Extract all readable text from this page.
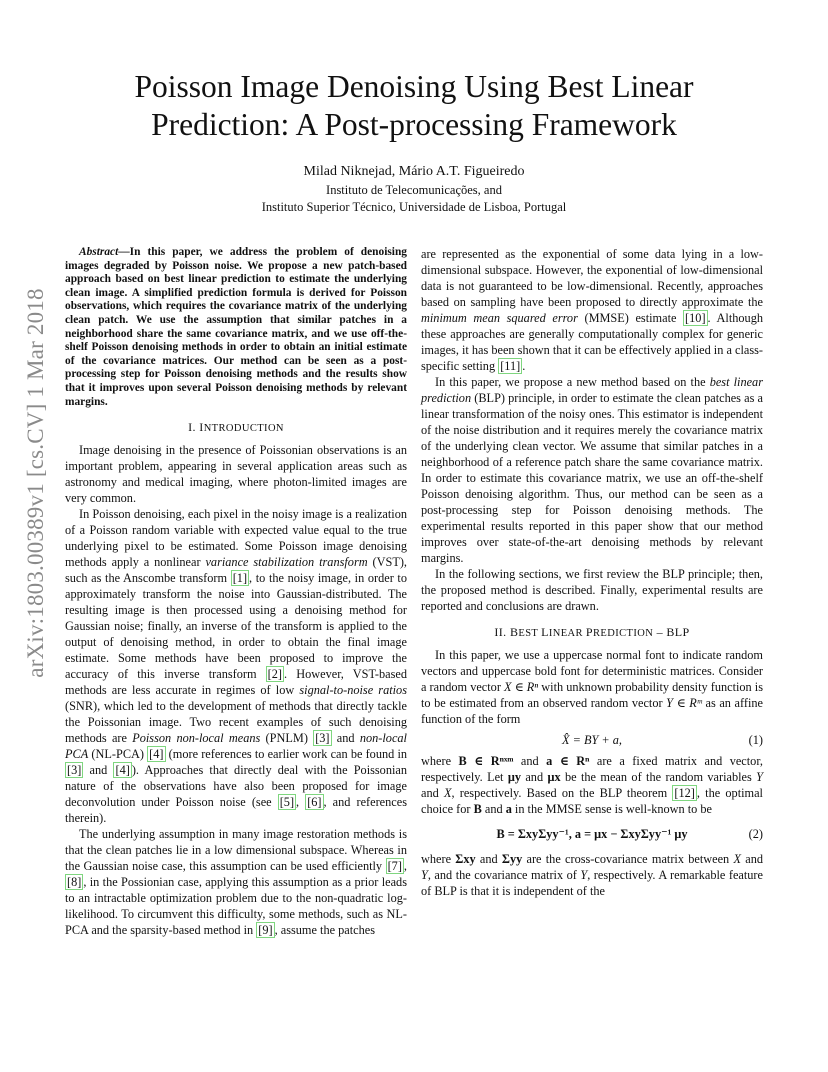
arXiv:1803.00389v1 [cs.CV] 1 Mar 2018
Poisson Image Denoising Using Best Linear
Prediction: A Post-processing Framework
Milad Niknejad, Mário A.T. Figueiredo
Instituto de Telecomunicações, and
Instituto Superior Técnico, Universidade de Lisboa, Portugal

Abstract—In this paper, we address the problem of denoising images degraded by Poisson noise. We propose a new patch-based approach based on best linear prediction to estimate the underlying clean image. A simplified prediction formula is derived for Poisson observations, which requires the covariance matrix of the underlying clean patch. We use the assumption that similar patches in a neighborhood share the same covariance matrix, and we use off-the-shelf Poisson denoising methods in order to obtain an initial estimate of the covariance matrices. Our method can be seen as a post-processing step for Poisson denoising methods and the results show that it improves upon several Poisson denoising methods by relevant margins.

I. INTRODUCTION

Image denoising in the presence of Poissonian observations is an important problem, appearing in several application areas such as astronomy and medical imaging, where photon-limited images are very common.

In Poisson denoising, each pixel in the noisy image is a realization of a Poisson random variable with expected value equal to the true underlying pixel to be estimated. Some Poisson image denoising methods apply a nonlinear variance stabilization transform (VST), such as the Anscombe transform [1] , to the noisy image, in order to approximately transform the noise into Gaussian-distributed. The resulting image is then processed using a denoising method for Gaussian noise; finally, an inverse of the transform is applied to the output of denoising method, in order to obtain the final image estimate. Some methods have been proposed to improve the accuracy of this inverse transform [2] . However, VST-based methods are less accurate in regimes of low signal-to-noise ratios (SNR), which led to the development of methods that directly tackle the Poissonian image. Two recent examples of such denoising methods are Poisson non-local means (PNLM) [3] and non-local PCA (NL-PCA) [4] (more references to earlier work can be found in [3] and [4] ). Approaches that directly deal with the Poissonian nature of the observations have also been proposed for image deconvolution under Poisson noise (see [5] , [6] , and references therein).

The underlying assumption in many image restoration methods is that the clean patches lie in a low dimensional subspace. Whereas in the Gaussian noise case, this assumption can be used efficiently [7] , [8] , in the Possionian case, applying this assumption as a prior leads to an intractable optimization problem due to the non-quadratic log-likelihood. To circumvent this difficulty, some methods, such as NL-PCA and the sparsity-based method in [9] , assume the patches

are represented as the exponential of some data lying in a low-dimensional subspace. However, the exponential of low-dimensional data is not guaranteed to be low-dimensional. Recently, approaches based on sampling have been proposed to directly approximate the minimum mean squared error (MMSE) estimate [10] . Although these approaches are generally computationally complex for generic images, it has been shown that it can be effectively applied in a class-specific setting [11] .

In this paper, we propose a new method based on the best linear prediction (BLP) principle, in order to estimate the clean patches as a linear transformation of the noisy ones. This estimator is independent of the noise distribution and it requires merely the covariance matrix of the underlying clean vector. We assume that similar patches in a neighborhood of a reference patch share the same covariance matrix. In order to estimate this covariance matrix, we use an off-the-shelf Poisson denoising algorithm. Thus, our method can be seen as a post-processing step for Poisson denoising methods. The experimental results reported in this paper show that our method improves over state-of-the-art denoising methods by relevant margins.

In the following sections, we first review the BLP principle; then, the proposed method is described. Finally, experimental results are reported and conclusions are drawn.

II. BEST LINEAR PREDICTION – BLP

In this paper, we use a uppercase normal font to indicate random vectors and uppercase bold font for deterministic matrices. Consider a random vector X ∈ Rⁿ with unknown probability density function is to be estimated from an observed random vector Y ∈ Rᵐ as an affine function of the form

X̂ = BY + a,	(1)

where B ∈ Rⁿˣᵐ and a ∈ Rⁿ are a fixed matrix and vector, respectively. Let μy and μx be the mean of the random variables Y and X, respectively. Based on the BLP theorem [12] , the optimal choice for B and a in the MMSE sense is well-known to be

B = ΣxyΣyy⁻¹, a = μx − ΣxyΣyy⁻¹ μy	(2)

where Σxy and Σyy are the cross-covariance matrix between X and Y, and the covariance matrix of Y, respectively. A remarkable feature of BLP is that it is independent of the
